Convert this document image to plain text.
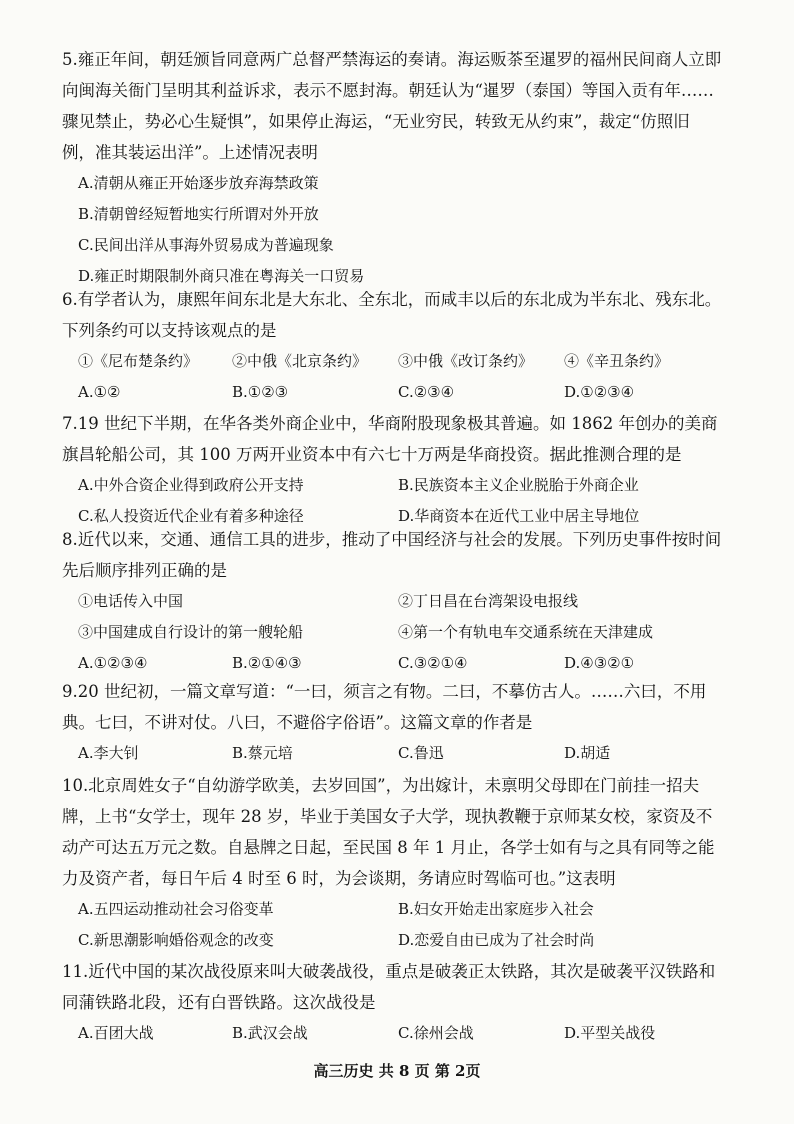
5.雍正年间，朝廷颁旨同意两广总督严禁海运的奏请。海运贩茶至暹罗的福州民间商人立即向闽海关衙门呈明其利益诉求，表示不愿封海。朝廷认为“暹罗（泰国）等国入贡有年……骤见禁止，势必心生疑惧”，如果停止海运，“无业穷民，转致无从约束”，裁定“仿照旧例，准其装运出洋”。上述情况表明
A.清朝从雍正开始逐步放弃海禁政策
B.清朝曾经短暂地实行所谓对外开放
C.民间出洋从事海外贸易成为普遍现象
D.雍正时期限制外商只准在粤海关一口贸易
6.有学者认为，康熙年间东北是大东北、全东北，而咸丰以后的东北成为半东北、残东北。下列条约可以支持该观点的是
①《尼布楚条约》 ②中俄《北京条约》 ③中俄《改订条约》 ④《辛丑条约》
A.①②	B.①②③	C.②③④	D.①②③④
7.19 世纪下半期，在华各类外商企业中，华商附股现象极其普遍。如 1862 年创办的美商旗昌轮船公司，其 100 万两开业资本中有六七十万两是华商投资。据此推测合理的是
A.中外合资企业得到政府公开支持	B.民族资本主义企业脱胎于外商企业
C.私人投资近代企业有着多种途径	D.华商资本在近代工业中居主导地位
8.近代以来，交通、通信工具的进步，推动了中国经济与社会的发展。下列历史事件按时间先后顺序排列正确的是
①电话传入中国	②丁日昌在台湾架设电报线
③中国建成自行设计的第一艘轮船	④第一个有轨电车交通系统在天津建成
A.①②③④	B.②①④③	C.③②①④	D.④③②①
9.20 世纪初，一篇文章写道：“一曰，须言之有物。二曰，不摹仿古人。……六曰，不用典。七曰，不讲对仗。八曰，不避俗字俗语”。这篇文章的作者是
A.李大钊	B.蔡元培	C.鲁迅	D.胡适
10.北京周姓女子“自幼游学欧美，去岁回国”，为出嫁计，未禀明父母即在门前挂一招夫牌，上书“女学士，现年 28 岁，毕业于美国女子大学，现执教鞭于京师某女校，家资及不动产可达五万元之数。自悬牌之日起，至民国 8 年 1 月止，各学士如有与之具有同等之能力及资产者，每日午后 4 时至 6 时，为会谈期，务请应时驾临可也。”这表明
A.五四运动推动社会习俗变革	B.妇女开始走出家庭步入社会
C.新思潮影响婚俗观念的改变	D.恋爱自由已成为了社会时尚
11.近代中国的某次战役原来叫大破袭战役，重点是破袭正太铁路，其次是破袭平汉铁路和同蒲铁路北段，还有白晋铁路。这次战役是
A.百团大战	B.武汉会战	C.徐州会战	D.平型关战役
高三历史 共 8 页 第 2页
